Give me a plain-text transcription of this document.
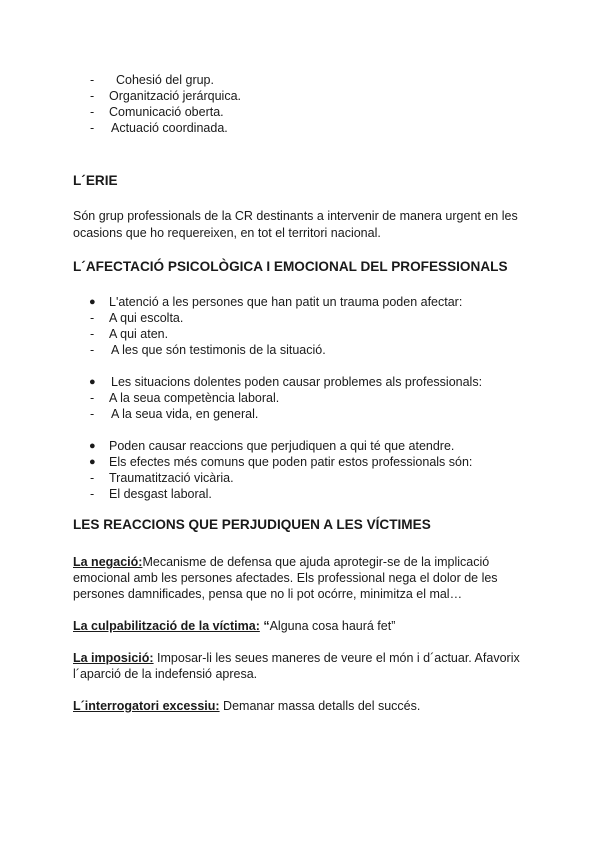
- Cohesió del grup.
- Organització jerárquica.
- Comunicació oberta.
- Actuació coordinada.
L´ERIE
Són grup professionals de la CR destinants a intervenir de manera urgent en les
ocasions que ho requereixen, en tot el territori nacional.
L´AFECTACIÓ PSICOLÒGICA I EMOCIONAL DEL PROFESSIONALS
● L'atenció a les persones que han patit un trauma poden afectar:
- A qui escolta.
- A qui aten.
- A les que són testimonis de la situació.
● Les situacions dolentes poden causar problemes als professionals:
- A la seua competència laboral.
- A la seua vida, en general.
● Poden causar reaccions que perjudiquen a qui té que atendre.
● Els efectes més comuns que poden patir estos professionals són:
- Traumatització vicària.
- El desgast laboral.
LES REACCIONS QUE PERJUDIQUEN A LES VÍCTIMES
La negació:Mecanisme de defensa que ajuda aprotegir-se de la implicació
emocional amb les persones afectades. Els professional nega el dolor de les
persones damnificades, pensa que no li pot ocórre, minimitza el mal…
La culpabilització de la víctima: “Alguna cosa haurá fet”
La imposició: Imposar-li les seues maneres de veure el món i d´actuar. Afavorix
l´aparció de la indefensió apresa.
L´interrogatori excessiu: Demanar massa detalls del succés.
